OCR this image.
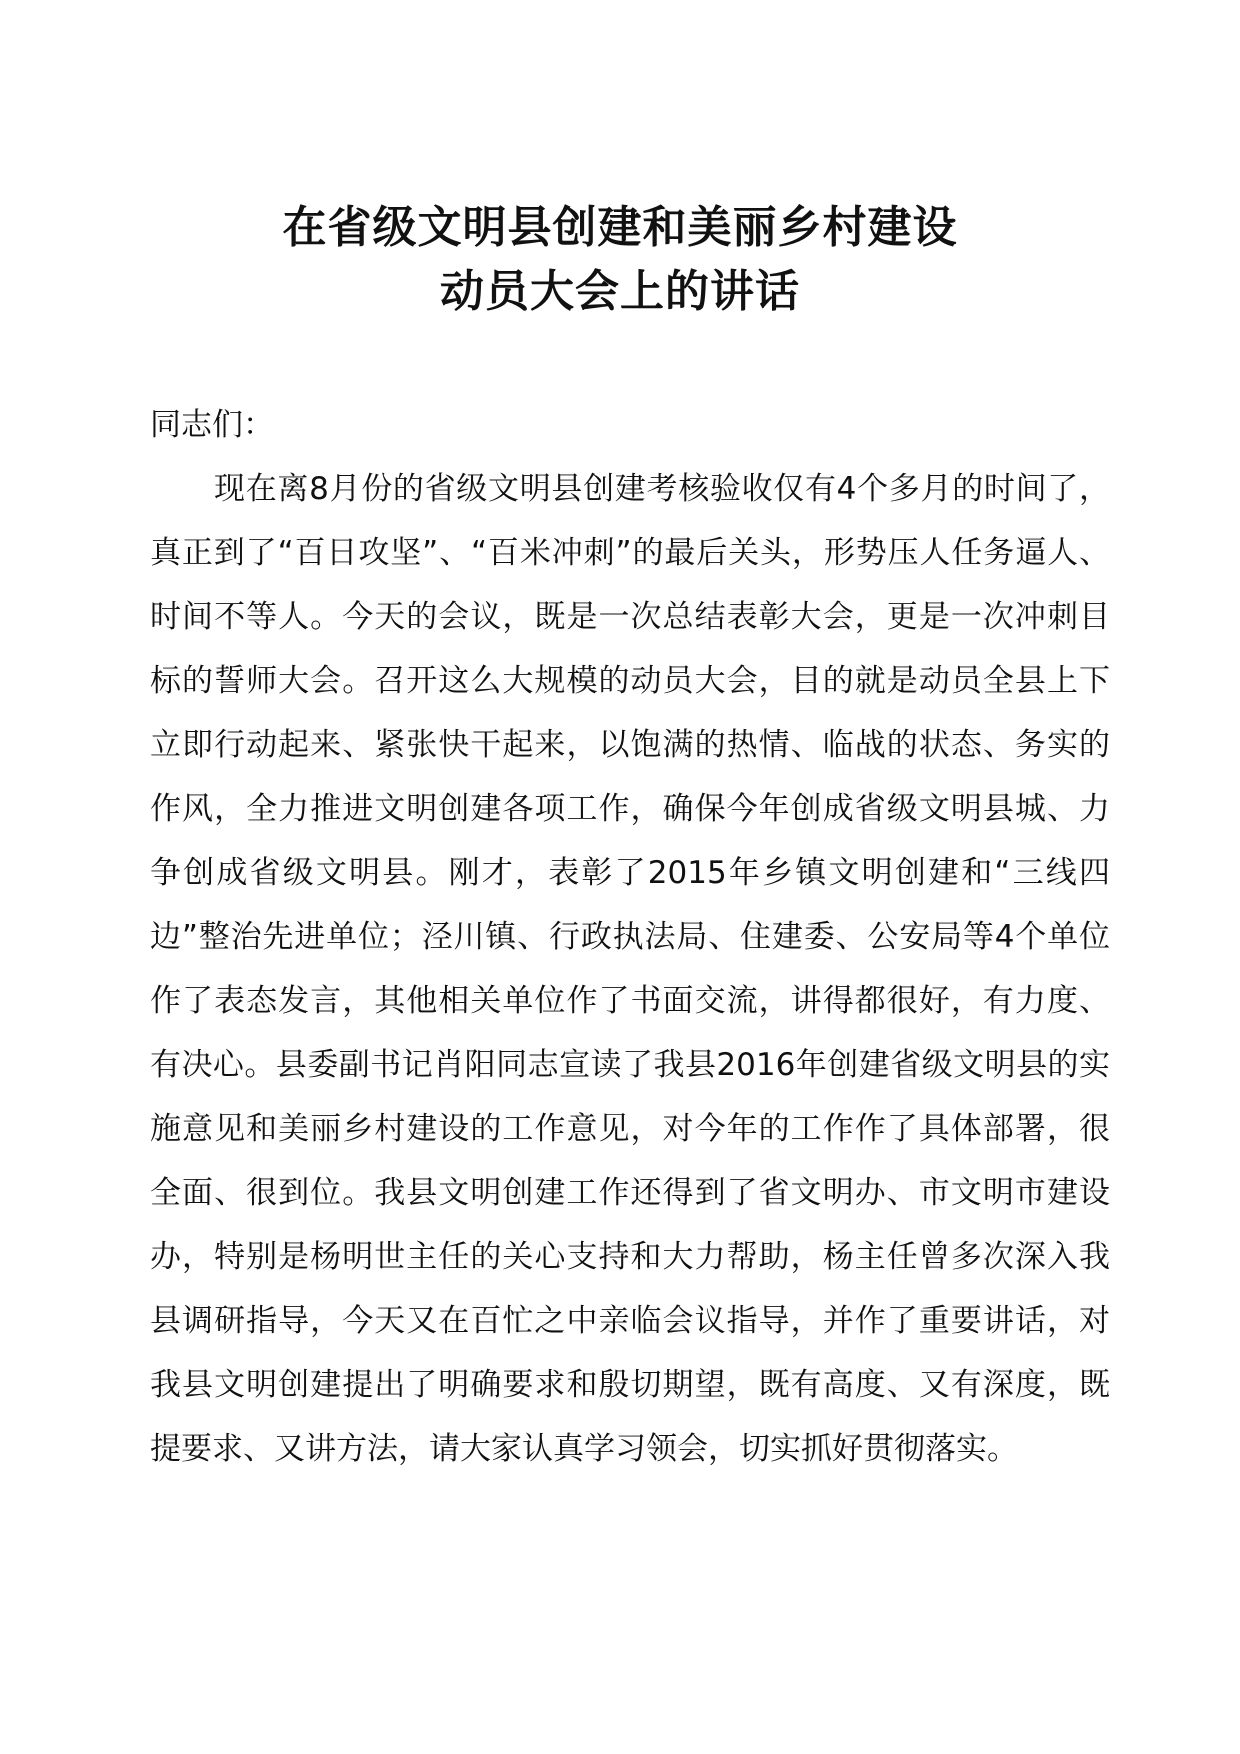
在省级文明县创建和美丽乡村建设
动员大会上的讲话

同志们：

现在离8月份的省级文明县创建考核验收仅有4个多月的时间了，真正到了“百日攻坚”、“百米冲刺”的最后关头，形势压人任务逼人、时间不等人。今天的会议，既是一次总结表彰大会，更是一次冲刺目标的誓师大会。召开这么大规模的动员大会，目的就是动员全县上下立即行动起来、紧张快干起来，以饱满的热情、临战的状态、务实的作风，全力推进文明创建各项工作，确保今年创成省级文明县城、力争创成省级文明县。刚才，表彰了2015年乡镇文明创建和“三线四边”整治先进单位；泾川镇、行政执法局、住建委、公安局等4个单位作了表态发言，其他相关单位作了书面交流，讲得都很好，有力度、有决心。县委副书记肖阳同志宣读了我县2016年创建省级文明县的实施意见和美丽乡村建设的工作意见，对今年的工作作了具体部署，很全面、很到位。我县文明创建工作还得到了省文明办、市文明市建设办，特别是杨明世主任的关心支持和大力帮助，杨主任曾多次深入我县调研指导，今天又在百忙之中亲临会议指导，并作了重要讲话，对我县文明创建提出了明确要求和殷切期望，既有高度、又有深度，既提要求、又讲方法，请大家认真学习领会，切实抓好贯彻落实。
